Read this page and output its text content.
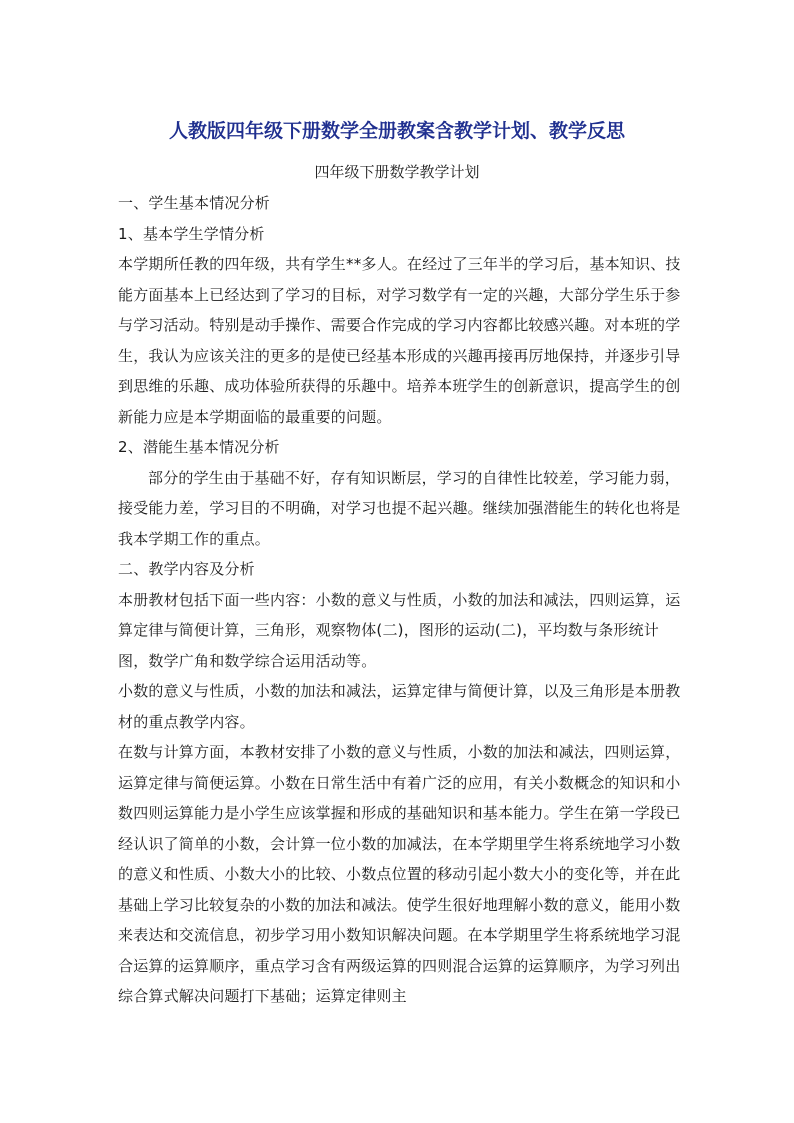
人教版四年级下册数学全册教案含教学计划、教学反思
四年级下册数学教学计划

一、学生基本情况分析

1、基本学生学情分析

本学期所任教的四年级，共有学生**多人。在经过了三年半的学习后，基本知识、技能方面基本上已经达到了学习的目标，对学习数学有一定的兴趣，大部分学生乐于参与学习活动。特别是动手操作、需要合作完成的学习内容都比较感兴趣。对本班的学生，我认为应该关注的更多的是使已经基本形成的兴趣再接再厉地保持，并逐步引导到思维的乐趣、成功体验所获得的乐趣中。培养本班学生的创新意识，提高学生的创新能力应是本学期面临的最重要的问题。

2、潜能生基本情况分析

部分的学生由于基础不好，存有知识断层，学习的自律性比较差，学习能力弱，接受能力差，学习目的不明确，对学习也提不起兴趣。继续加强潜能生的转化也将是我本学期工作的重点。

二、教学内容及分析

本册教材包括下面一些内容：小数的意义与性质，小数的加法和减法，四则运算，运算定律与简便计算，三角形，观察物体(二)，图形的运动(二)，平均数与条形统计图，数学广角和数学综合运用活动等。

小数的意义与性质，小数的加法和减法，运算定律与简便计算，以及三角形是本册教材的重点教学内容。

在数与计算方面，本教材安排了小数的意义与性质，小数的加法和减法，四则运算，运算定律与简便运算。小数在日常生活中有着广泛的应用，有关小数概念的知识和小数四则运算能力是小学生应该掌握和形成的基础知识和基本能力。学生在第一学段已经认识了简单的小数，会计算一位小数的加减法，在本学期里学生将系统地学习小数的意义和性质、小数大小的比较、小数点位置的移动引起小数大小的变化等，并在此基础上学习比较复杂的小数的加法和减法。使学生很好地理解小数的意义，能用小数来表达和交流信息，初步学习用小数知识解决问题。在本学期里学生将系统地学习混合运算的运算顺序，重点学习含有两级运算的四则混合运算的运算顺序，为学习列出综合算式解决问题打下基础；运算定律则主
